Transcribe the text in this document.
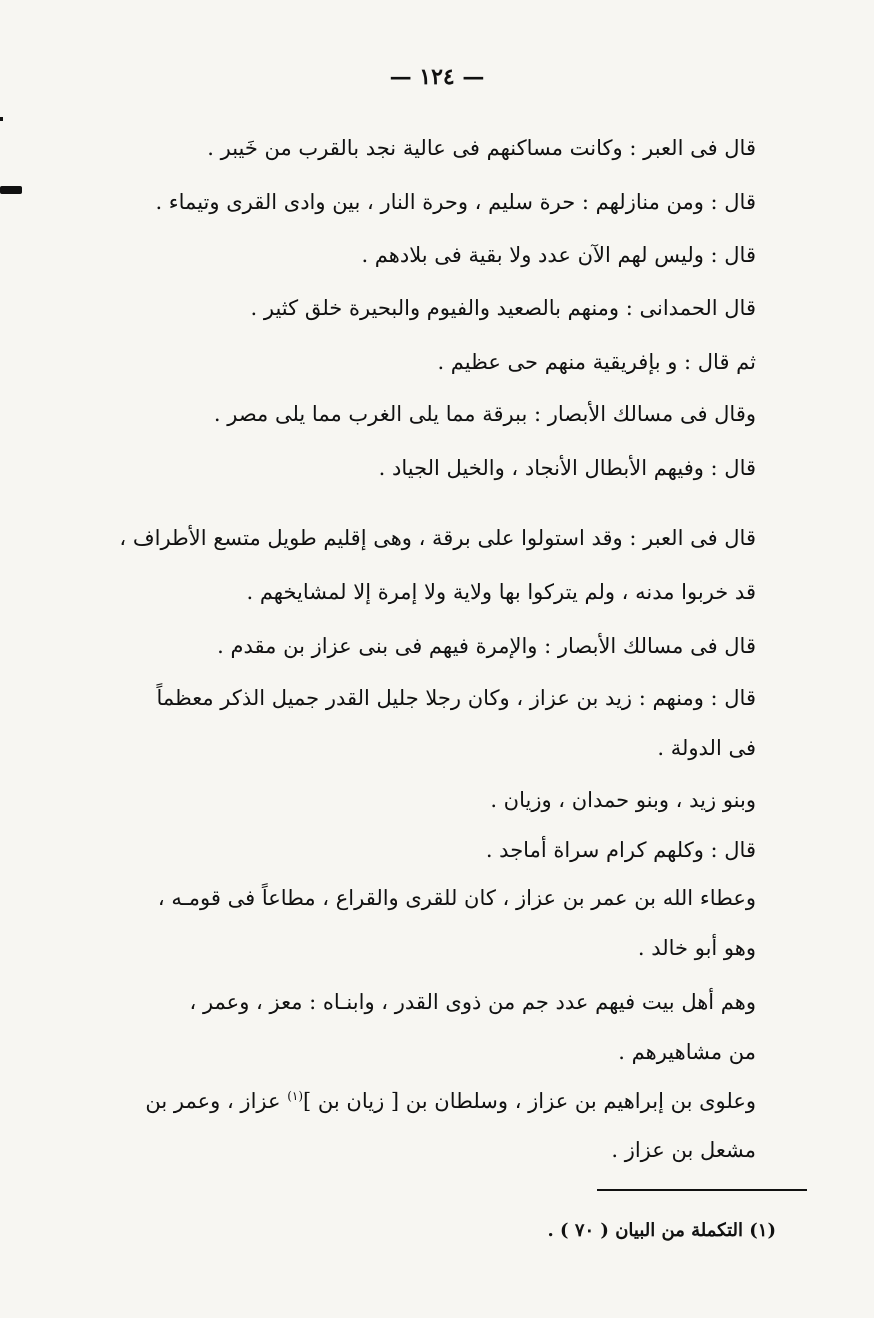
— ١٢٤ —
قال فى العبر : وكانت مساكنهم فى عالية نجد بالقرب من خَيبر .
قال : ومن منازلهم : حرة سليم ، وحرة النار ، بين وادى القرى وتيماء .
قال : وليس لهم الآن عدد ولا بقية فى بلادهم .
قال الحمدانى : ومنهم بالصعيد والفيوم والبحيرة خلق كثير .
ثم قال : و بإفريقية منهم حى عظيم .
وقال فى مسالك الأبصار : ببرقة مما يلى الغرب مما يلى مصر .
قال : وفيهم الأبطال الأنجاد ، والخيل الجياد .
قال فى العبر : وقد استولوا على برقة ، وهى إقليم طويل متسع الأطراف ،
قد خربوا مدنه ، ولم يتركوا بها ولاية ولا إمرة إلا لمشايخهم .
قال فى مسالك الأبصار : والإمرة فيهم فى بنى عزاز بن مقدم .
قال : ومنهم : زيد بن عزاز ، وكان رجلا جليل القدر جميل الذكر معظماً
فى الدولة .
وبنو زيد ، وبنو حمدان ، وزيان .
قال : وكلهم كرام سراة أماجد .
وعطاء الله بن عمر بن عزاز ، كان للقرى والقراع ، مطاعاً فى قومـه ،
وهو أبو خالد .
وهم أهل بيت فيهم عدد جم من ذوى القدر ، وابنـاه : معز ، وعمر ،
من مشاهيرهم .
وعلوى بن إبراهيم بن عزاز ، وسلطان بن [ زيان بن ]$^{(١)}$ عزاز ، وعمر بن
مشعل بن عزاز .
(١) التكملة من البيان ( ٧٠ ) .
